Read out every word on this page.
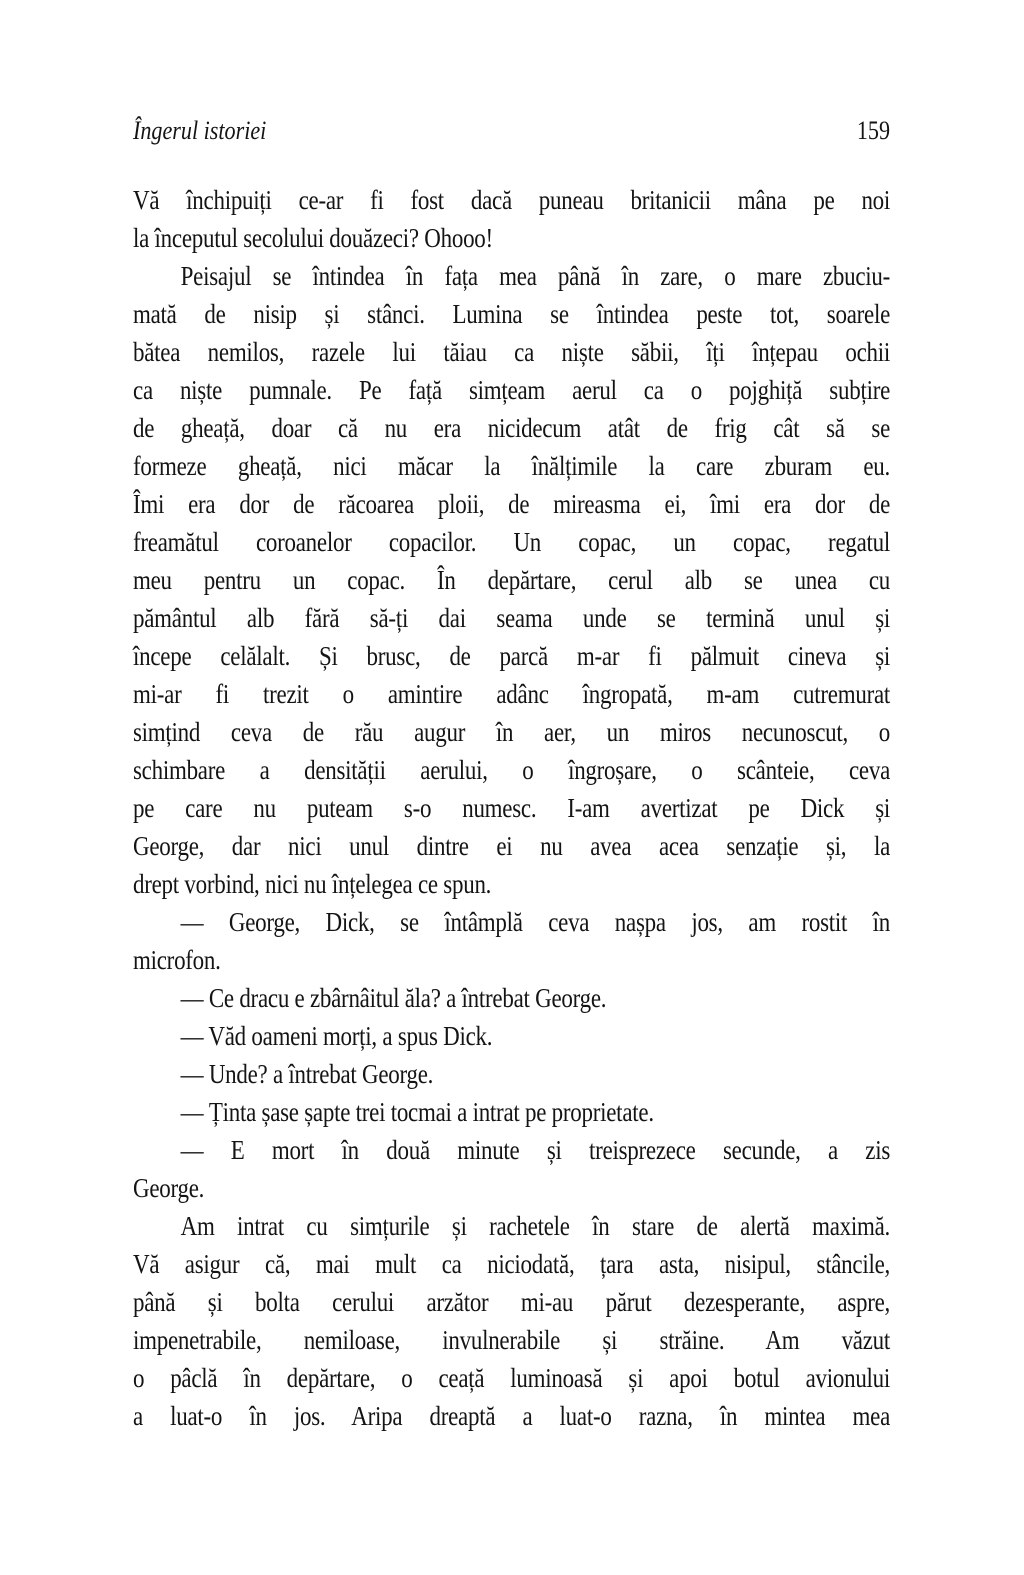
Îngerul istoriei	159
Vă închipuiți ce-ar fi fost dacă puneau britanicii mâna pe noi
la începutul secolului douăzeci? Ohooo!
Peisajul se întindea în fața mea până în zare, o mare zbuciu-
mată de nisip și stânci. Lumina se întindea peste tot, soarele
bătea nemilos, razele lui tăiau ca niște săbii, îți înțepau ochii
ca niște pumnale. Pe față simțeam aerul ca o pojghiță subțire
de gheață, doar că nu era nicidecum atât de frig cât să se
formeze gheață, nici măcar la înălțimile la care zburam eu.
Îmi era dor de răcoarea ploii, de mireasma ei, îmi era dor de
freamătul coroanelor copacilor. Un copac, un copac, regatul
meu pentru un copac. În depărtare, cerul alb se unea cu
pământul alb fără să-ți dai seama unde se termină unul și
începe celălalt. Și brusc, de parcă m-ar fi pălmuit cineva și
mi-ar fi trezit o amintire adânc îngropată, m-am cutremurat
simțind ceva de rău augur în aer, un miros necunoscut, o
schimbare a densității aerului, o îngroșare, o scânteie, ceva
pe care nu puteam s-o numesc. I-am avertizat pe Dick și
George, dar nici unul dintre ei nu avea acea senzație și, la
drept vorbind, nici nu înțelegea ce spun.
— George, Dick, se întâmplă ceva nașpa jos, am rostit în
microfon.
— Ce dracu e zbârnâitul ăla? a întrebat George.
— Văd oameni morți, a spus Dick.
— Unde? a întrebat George.
— Ținta șase șapte trei tocmai a intrat pe proprietate.
— E mort în două minute și treisprezece secunde, a zis
George.
Am intrat cu simțurile și rachetele în stare de alertă maximă.
Vă asigur că, mai mult ca niciodată, țara asta, nisipul, stâncile,
până și bolta cerului arzător mi-au părut dezesperante, aspre,
impenetrabile, nemiloase, invulnerabile și străine. Am văzut
o pâclă în depărtare, o ceață luminoasă și apoi botul avionului
a luat-o în jos. Aripa dreaptă a luat-o razna, în mintea mea
